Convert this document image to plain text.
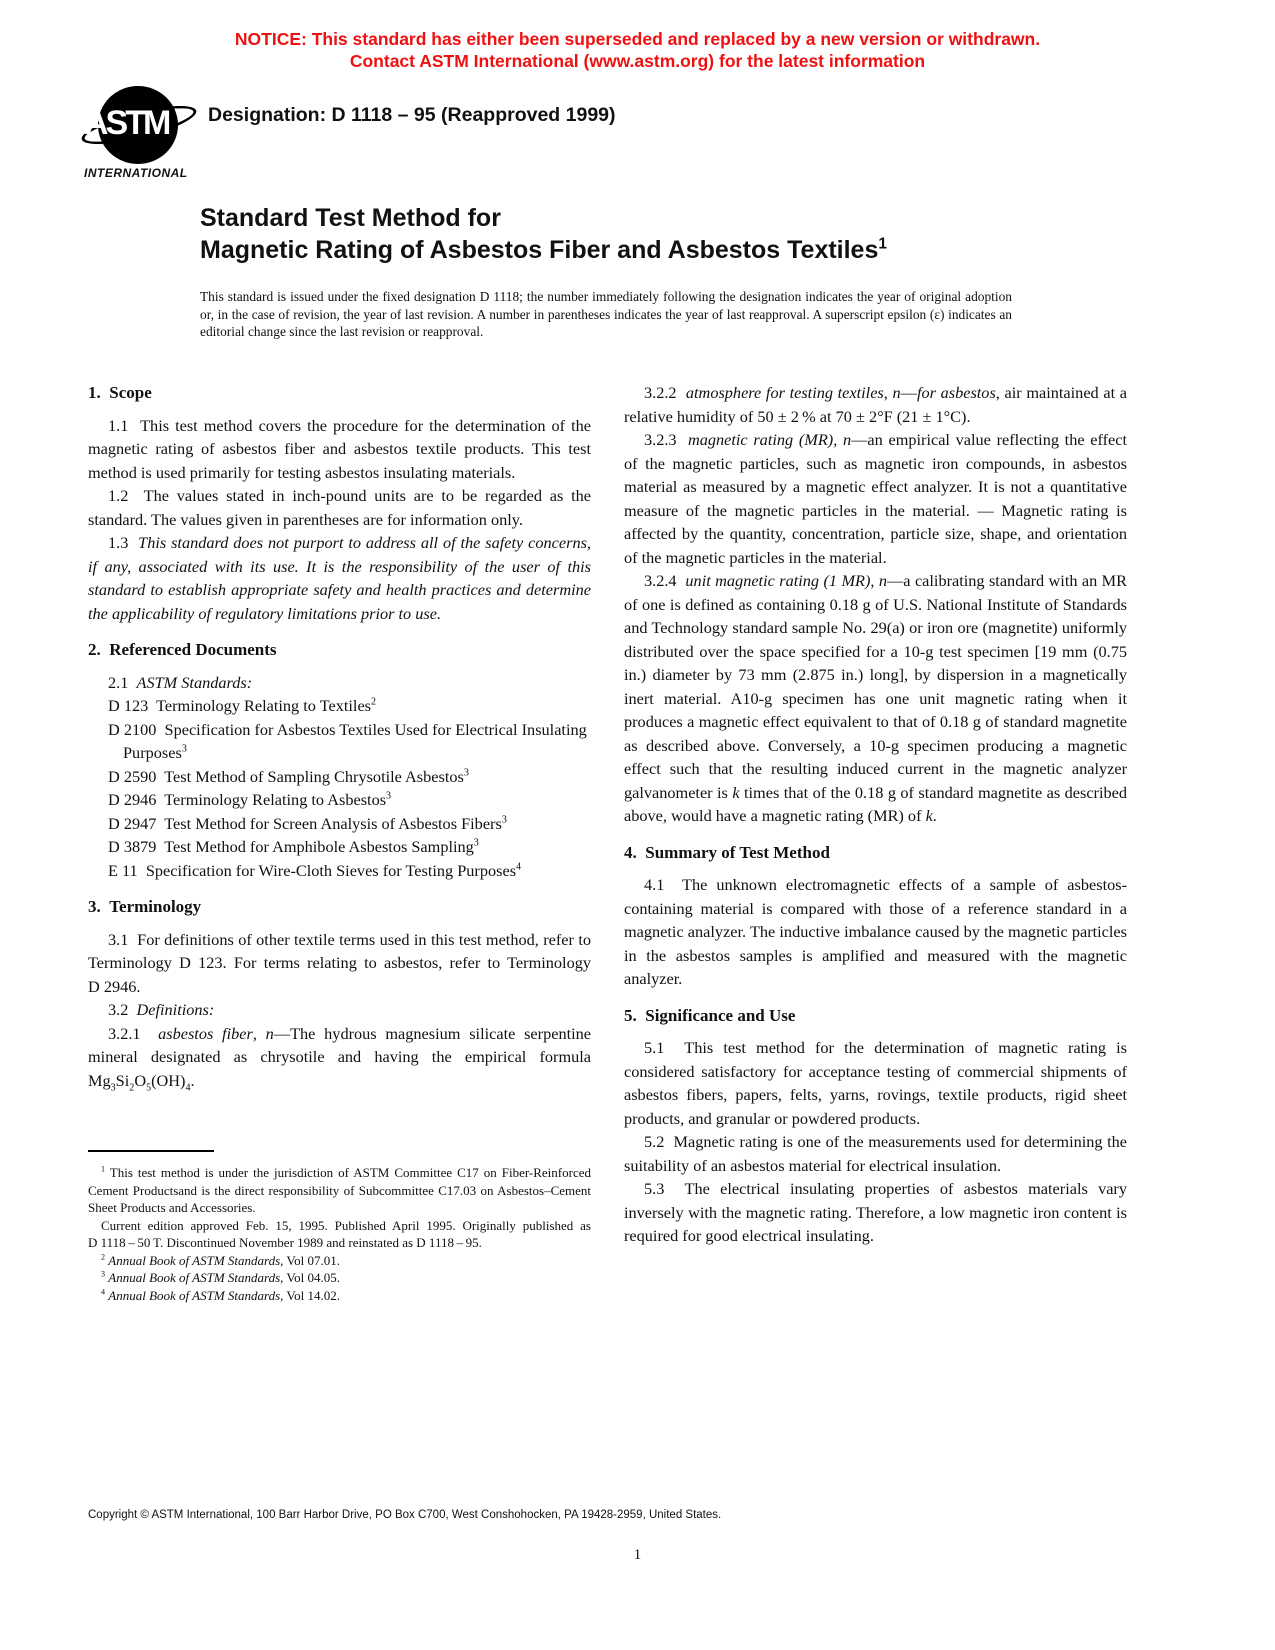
NOTICE: This standard has either been superseded and replaced by a new version or withdrawn.
Contact ASTM International (www.astm.org) for the latest information
ASTM
INTERNATIONAL
Designation: D 1118 – 95 (Reapproved 1999)
Standard Test Method for
Magnetic Rating of Asbestos Fiber and Asbestos Textiles$^1$
This standard is issued under the fixed designation D 1118; the number immediately following the designation indicates the year of original adoption or, in the case of revision, the year of last revision. A number in parentheses indicates the year of last reapproval. A superscript epsilon (ε) indicates an editorial change since the last revision or reapproval.
1.  Scope
1.1  This test method covers the procedure for the determination of the magnetic rating of asbestos fiber and asbestos textile products. This test method is used primarily for testing asbestos insulating materials.
1.2  The values stated in inch-pound units are to be regarded as the standard. The values given in parentheses are for information only.
1.3  This standard does not purport to address all of the safety concerns, if any, associated with its use. It is the responsibility of the user of this standard to establish appropriate safety and health practices and determine the applicability of regulatory limitations prior to use.
2.  Referenced Documents
2.1  ASTM Standards:
D 123  Terminology Relating to Textiles$^2$
D 2100  Specification for Asbestos Textiles Used for Electrical Insulating Purposes$^3$
D 2590  Test Method of Sampling Chrysotile Asbestos$^3$
D 2946  Terminology Relating to Asbestos$^3$
D 2947  Test Method for Screen Analysis of Asbestos Fibers$^3$
D 3879  Test Method for Amphibole Asbestos Sampling$^3$
E 11  Specification for Wire-Cloth Sieves for Testing Purposes$^4$
3.  Terminology
3.1  For definitions of other textile terms used in this test method, refer to Terminology D 123. For terms relating to asbestos, refer to Terminology D 2946.
3.2  Definitions:
3.2.1  asbestos fiber, n—The hydrous magnesium silicate serpentine mineral designated as chrysotile and having the empirical formula $Mg_3Si_2O_5(OH)_4$.
$^1$ This test method is under the jurisdiction of ASTM Committee C17 on Fiber-Reinforced Cement Productsand is the direct responsibility of Subcommittee C17.03 on Asbestos–Cement Sheet Products and Accessories.
Current edition approved Feb. 15, 1995. Published April 1995. Originally published as D 1118 – 50 T. Discontinued November 1989 and reinstated as D 1118 – 95.
$^2$ Annual Book of ASTM Standards, Vol 07.01.
$^3$ Annual Book of ASTM Standards, Vol 04.05.
$^4$ Annual Book of ASTM Standards, Vol 14.02.
3.2.2  atmosphere for testing textiles, n—for asbestos, air maintained at a relative humidity of 50 ± 2 % at 70 ± 2°F (21 ± 1°C).
3.2.3  magnetic rating (MR), n—an empirical value reflecting the effect of the magnetic particles, such as magnetic iron compounds, in asbestos material as measured by a magnetic effect analyzer. It is not a quantitative measure of the magnetic particles in the material. — Magnetic rating is affected by the quantity, concentration, particle size, shape, and orientation of the magnetic particles in the material.
3.2.4  unit magnetic rating (1 MR), n—a calibrating standard with an MR of one is defined as containing 0.18 g of U.S. National Institute of Standards and Technology standard sample No. 29(a) or iron ore (magnetite) uniformly distributed over the space specified for a 10-g test specimen [19 mm (0.75 in.) diameter by 73 mm (2.875 in.) long], by dispersion in a magnetically inert material. A10-g specimen has one unit magnetic rating when it produces a magnetic effect equivalent to that of 0.18 g of standard magnetite as described above. Conversely, a 10-g specimen producing a magnetic effect such that the resulting induced current in the magnetic analyzer galvanometer is k times that of the 0.18 g of standard magnetite as described above, would have a magnetic rating (MR) of k.
4.  Summary of Test Method
4.1  The unknown electromagnetic effects of a sample of asbestos-containing material is compared with those of a reference standard in a magnetic analyzer. The inductive imbalance caused by the magnetic particles in the asbestos samples is amplified and measured with the magnetic analyzer.
5.  Significance and Use
5.1  This test method for the determination of magnetic rating is considered satisfactory for acceptance testing of commercial shipments of asbestos fibers, papers, felts, yarns, rovings, textile products, rigid sheet products, and granular or powdered products.
5.2  Magnetic rating is one of the measurements used for determining the suitability of an asbestos material for electrical insulation.
5.3  The electrical insulating properties of asbestos materials vary inversely with the magnetic rating. Therefore, a low magnetic iron content is required for good electrical insulating.
Copyright © ASTM International, 100 Barr Harbor Drive, PO Box C700, West Conshohocken, PA 19428-2959, United States.
1
